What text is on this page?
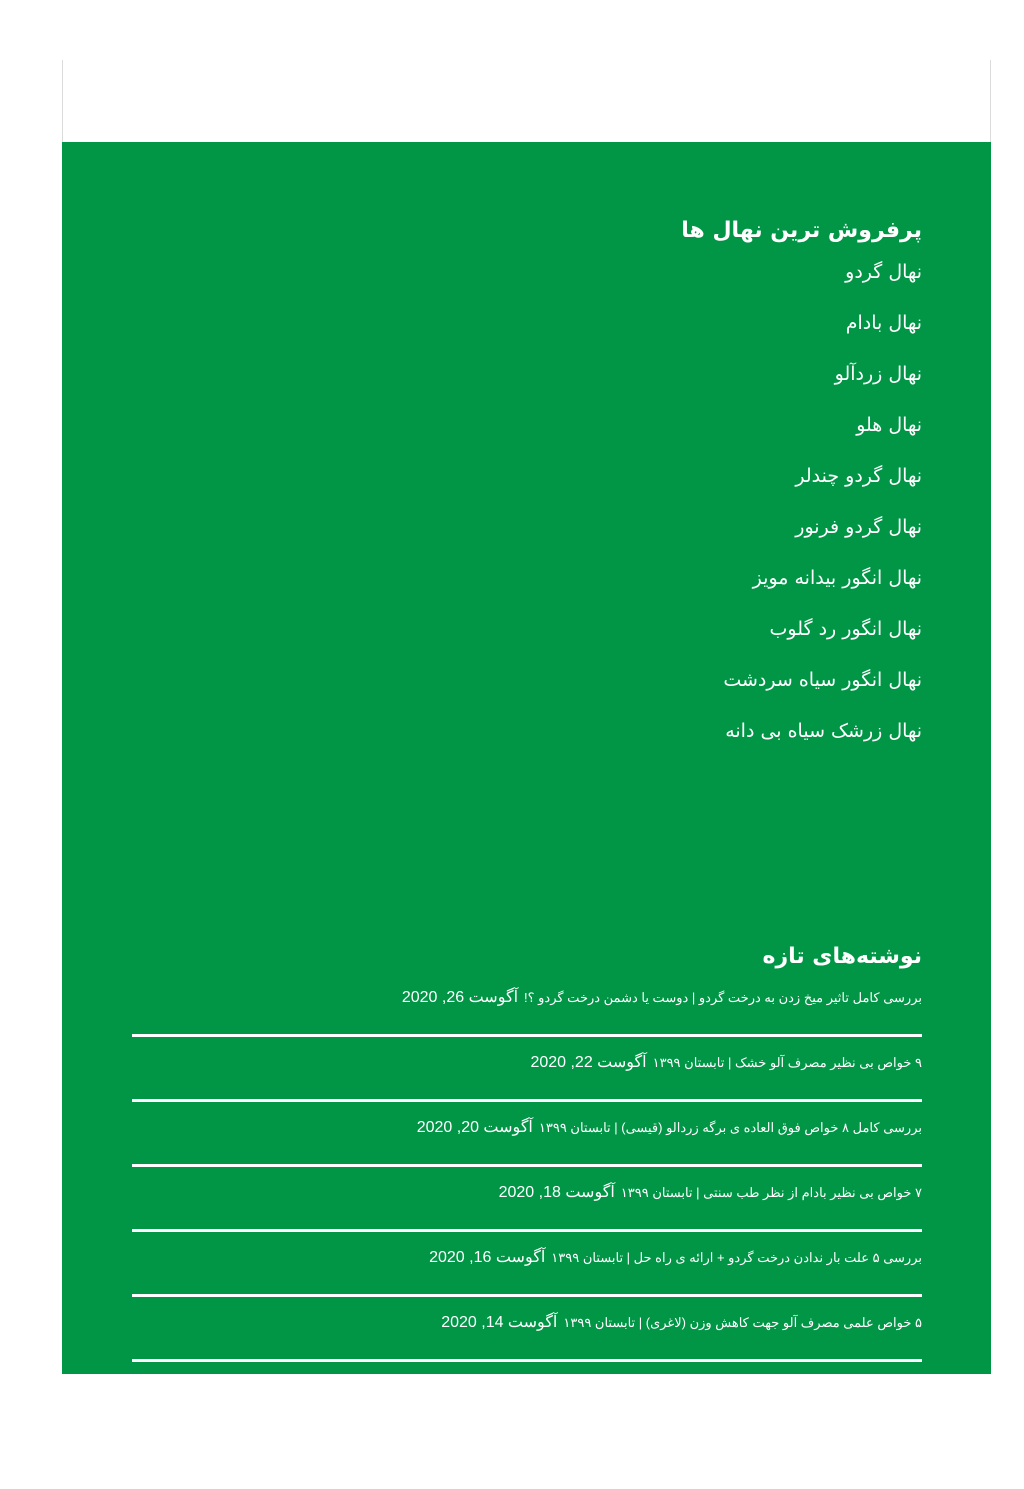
پرفروش ترین نهال ها
نهال گردو
نهال بادام
نهال زردآلو
نهال هلو
نهال گردو چندلر
نهال گردو فرنور
نهال انگور بیدانه مویز
نهال انگور رد گلوب
نهال انگور سیاه سردشت
نهال زرشک سیاه بی دانه
نوشته‌های تازه
بررسی کامل تاثیر میخ زدن به درخت گردو | دوست یا دشمن درخت گردو ؟!
آگوست 26, 2020
۹ خواص بی نظیر مصرف آلو خشک | تابستان ۱۳۹۹
آگوست 22, 2020
بررسی کامل ۸ خواص فوق العاده ی برگه زردالو (قیسی) | تابستان ۱۳۹۹
آگوست 20, 2020
۷ خواص بی نظیر بادام از نظر طب سنتی | تابستان ۱۳۹۹
آگوست 18, 2020
بررسی ۵ علت بار ندادن درخت گردو + ارائه ی راه حل | تابستان ۱۳۹۹
آگوست 16, 2020
۵ خواص علمی مصرف آلو جهت کاهش وزن (لاغری) | تابستان ۱۳۹۹
آگوست 14, 2020
بررسی کامل مضرات مصرف میوه ی زردالو و فواید زردالو | تابستان ۱۳۹۹
آگوست 12, 2020
تاثیر شگفت انگیز بادام درختی در درمان تیروئید | تابستان ۱۳۹۹
آگوست 9, 2020
